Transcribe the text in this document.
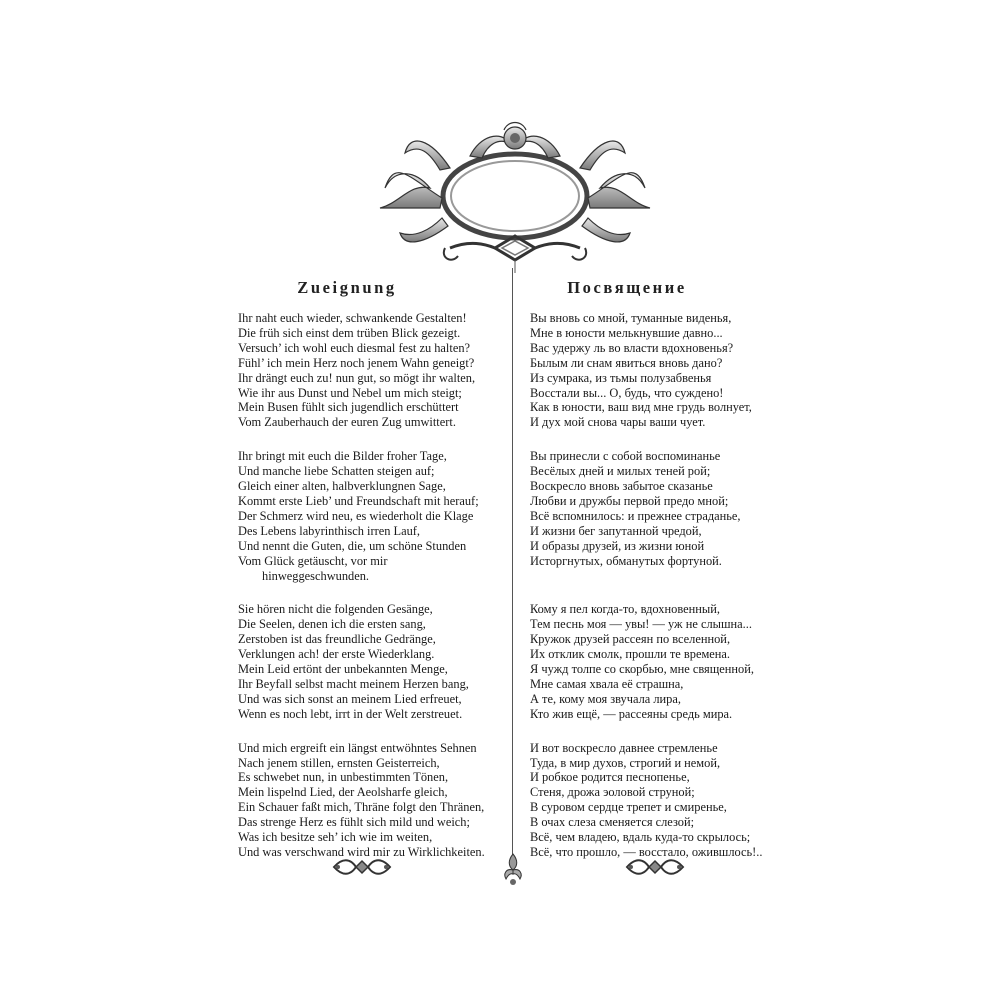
Zueignung
Ihr naht euch wieder, schwankende Gestalten!
Die früh sich einst dem trüben Blick gezeigt.
Versuch’ ich wohl euch diesmal fest zu halten?
Fühl’ ich mein Herz noch jenem Wahn geneigt?
Ihr drängt euch zu! nun gut, so mögt ihr walten,
Wie ihr aus Dunst und Nebel um mich steigt;
Mein Busen fühlt sich jugendlich erschüttert
Vom Zauberhauch der euren Zug umwittert.
Ihr bringt mit euch die Bilder froher Tage,
Und manche liebe Schatten steigen auf;
Gleich einer alten, halbverklungnen Sage,
Kommt erste Lieb’ und Freundschaft mit herauf;
Der Schmerz wird neu, es wiederholt die Klage
Des Lebens labyrinthisch irren Lauf,
Und nennt die Guten, die, um schöne Stunden
Vom Glück getäuscht, vor mir
hinweggeschwunden.
Sie hören nicht die folgenden Gesänge,
Die Seelen, denen ich die ersten sang,
Zerstoben ist das freundliche Gedränge,
Verklungen ach! der erste Wiederklang.
Mein Leid ertönt der unbekannten Menge,
Ihr Beyfall selbst macht meinem Herzen bang,
Und was sich sonst an meinem Lied erfreuet,
Wenn es noch lebt, irrt in der Welt zerstreuet.
Und mich ergreift ein längst entwöhntes Sehnen
Nach jenem stillen, ernsten Geisterreich,
Es schwebet nun, in unbestimmten Tönen,
Mein lispelnd Lied, der Aeolsharfe gleich,
Ein Schauer faßt mich, Thräne folgt den Thränen,
Das strenge Herz es fühlt sich mild und weich;
Was ich besitze seh’ ich wie im weiten,
Und was verschwand wird mir zu Wirklichkeiten.
Посвящение
Вы вновь со мной, туманные виденья,
Мне в юности мелькнувшие давно...
Вас удержу ль во власти вдохновенья?
Былым ли снам явиться вновь дано?
Из сумрака, из тьмы полузабвенья
Восстали вы... О, будь, что суждено!
Как в юности, ваш вид мне грудь волнует,
И дух мой снова чары ваши чует.
Вы принесли с собой воспоминанье
Весёлых дней и милых теней рой;
Воскресло вновь забытое сказанье
Любви и дружбы первой предо мной;
Всё вспомнилось: и прежнее страданье,
И жизни бег запутанной чредой,
И образы друзей, из жизни юной
Исторгнутых, обманутых фортуной.
Кому я пел когда-то, вдохновенный,
Тем песнь моя — увы! — уж не слышна...
Кружок друзей рассеян по вселенной,
Их отклик смолк, прошли те времена.
Я чужд толпе со скорбью, мне священной,
Мне самая хвала её страшна,
А те, кому моя звучала лира,
Кто жив ещё, — рассеяны средь мира.
И вот воскресло давнее стремленье
Туда, в мир духов, строгий и немой,
И робкое родится песнопенье,
Стеня, дрожа эоловой струной;
В суровом сердце трепет и смиренье,
В очах слеза сменяется слезой;
Всё, чем владею, вдаль куда-то скрылось;
Всё, что прошло, — восстало, ожившлось!..
